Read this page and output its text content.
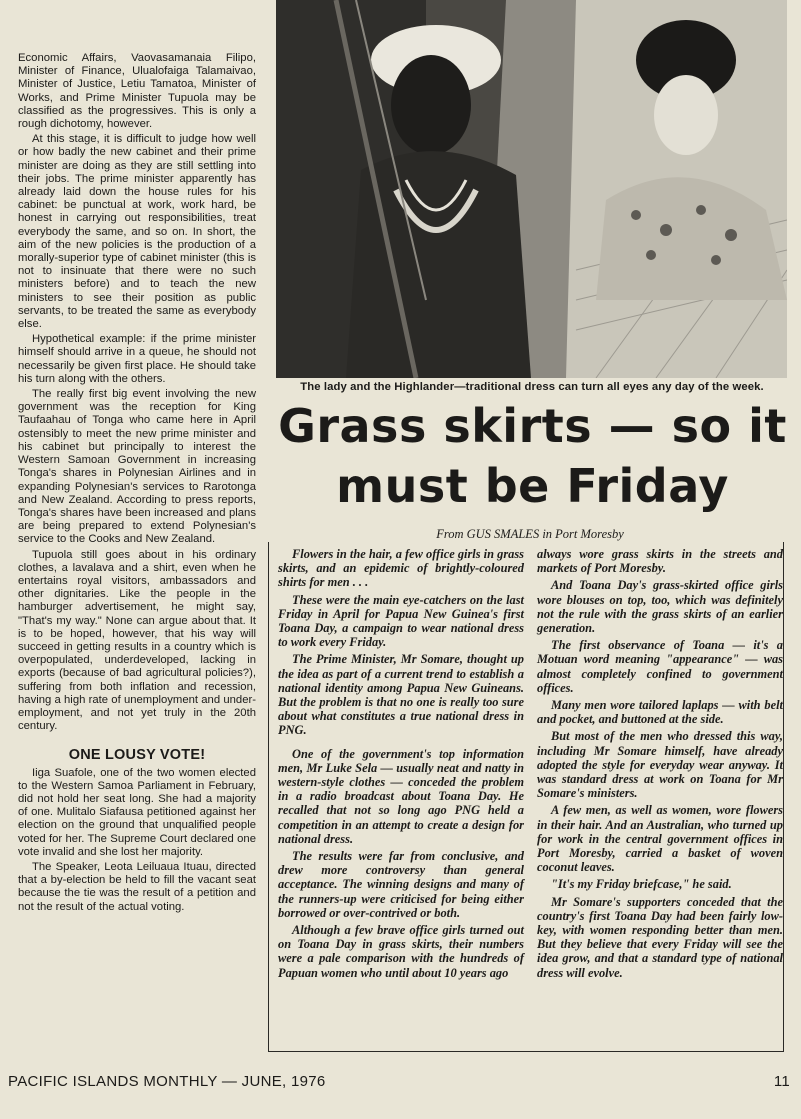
Economic Affairs, Vaovasamanaia Filipo, Minister of Finance, Ulualofaiga Talamaivao, Minister of Justice, Letiu Tamatoa, Minister of Works, and Prime Minister Tupuola may be classified as the progressives. This is only a rough dichotomy, however.

At this stage, it is difficult to judge how well or how badly the new cabinet and their prime minister are doing as they are still settling into their jobs. The prime minister apparently has already laid down the house rules for his cabinet: be punctual at work, work hard, be honest in carrying out responsibilities, treat everybody the same, and so on. In short, the aim of the new policies is the production of a morally-superior type of cabinet minister (this is not to insinuate that there were no such ministers before) and to teach the new ministers to see their position as public servants, to be treated the same as everybody else.

Hypothetical example: if the prime minister himself should arrive in a queue, he should not necessarily be given first place. He should take his turn along with the others.

The really first big event involving the new government was the reception for King Taufaahau of Tonga who came here in April ostensibly to meet the new prime minister and his cabinet but principally to interest the Western Samoan Government in increasing Tonga's shares in Polynesian Airlines and in expanding Polynesian's services to Rarotonga and New Zealand. According to press reports, Tonga's shares have been increased and plans are being prepared to extend Polynesian's service to the Cooks and New Zealand.

Tupuola still goes about in his ordinary clothes, a lavalava and a shirt, even when he entertains royal visitors, ambassadors and other dignitaries. Like the people in the hamburger advertisement, he might say, "That's my way." None can argue about that. It is to be hoped, however, that his way will succeed in getting results in a country which is overpopulated, underdeveloped, lacking in exports (because of bad agricultural policies?), suffering from both inflation and recession, having a high rate of unemployment and under-employment, and not yet truly in the 20th century.

ONE LOUSY VOTE!

Iiga Suafole, one of the two women elected to the Western Samoa Parliament in February, did not hold her seat long. She had a majority of one. Mulitalo Siafausa petitioned against her election on the ground that unqualified people voted for her. The Supreme Court declared one vote invalid and she lost her majority.

The Speaker, Leota Leiluaua Ituau, directed that a by-election be held to fill the vacant seat because the tie was the result of a petition and not the result of the actual voting.

The lady and the Highlander—traditional dress can turn all eyes any day of the week.
Grass skirts — so it
must be Friday
From GUS SMALES in Port Moresby

Flowers in the hair, a few office girls in grass skirts, and an epidemic of brightly-coloured shirts for men . . .

These were the main eye-catchers on the last Friday in April for Papua New Guinea's first Toana Day, a campaign to wear national dress to work every Friday.

The Prime Minister, Mr Somare, thought up the idea as part of a current trend to establish a national identity among Papua New Guineans. But the problem is that no one is really too sure about what constitutes a true national dress in PNG.

One of the government's top information men, Mr Luke Sela — usually neat and natty in western-style clothes — conceded the problem in a radio broadcast about Toana Day. He recalled that not so long ago PNG held a competition in an attempt to create a design for national dress.

The results were far from conclusive, and drew more controversy than general acceptance. The winning designs and many of the runners-up were criticised for being either borrowed or over-contrived or both.

Although a few brave office girls turned out on Toana Day in grass skirts, their numbers were a pale comparison with the hundreds of Papuan women who until about 10 years ago

always wore grass skirts in the streets and markets of Port Moresby.

And Toana Day's grass-skirted office girls wore blouses on top, too, which was definitely not the rule with the grass skirts of an earlier generation.

The first observance of Toana — it's a Motuan word meaning "appearance" — was almost completely confined to government offices.

Many men wore tailored laplaps — with belt and pocket, and buttoned at the side.

But most of the men who dressed this way, including Mr Somare himself, have already adopted the style for everyday wear anyway. It was standard dress at work on Toana for Mr Somare's ministers.

A few men, as well as women, wore flowers in their hair. And an Australian, who turned up for work in the central government offices in Port Moresby, carried a basket of woven coconut leaves.

"It's my Friday briefcase," he said.

Mr Somare's supporters conceded that the country's first Toana Day had been fairly low-key, with women responding better than men. But they believe that every Friday will see the idea grow, and that a standard type of national dress will evolve.

PACIFIC ISLANDS MONTHLY — JUNE, 1976	11
